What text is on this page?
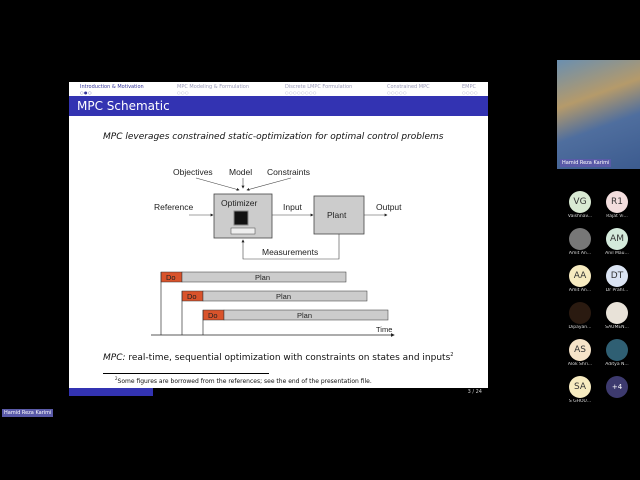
Introduction & Motivation
○●○
MPC Modeling & Formulation
○○○
Discrete LMPC Formulation
○○○○○○○○
Constrained MPC
○○○○○
EMPC
○○○○
MPC Schematic
MPC leverages constrained static-optimization for optimal control problems
Objectives Model Constraints
Reference	Optimizer	Input
Plant
Output
Measurements
Do	Plan
Do	Plan
Do	Plan
Time
MPC: real-time, sequential optimization with constraints on states and inputs$^2$
$^2$Some figures are borrowed from the references; see the end of the presentation file.
3 / 24
Hamid Reza Karimi
VG
Vaishnav...
R1
Rajat Vi...
Amit An...
AM
Anil Mau...
AA
Amit An...
DT
Dr Prahl...
Dipayan...	SAUMEN...
AS
Alok Shri...	Aditya N...
SA
S GHOU...
+4
Hamid Reza Karimi
